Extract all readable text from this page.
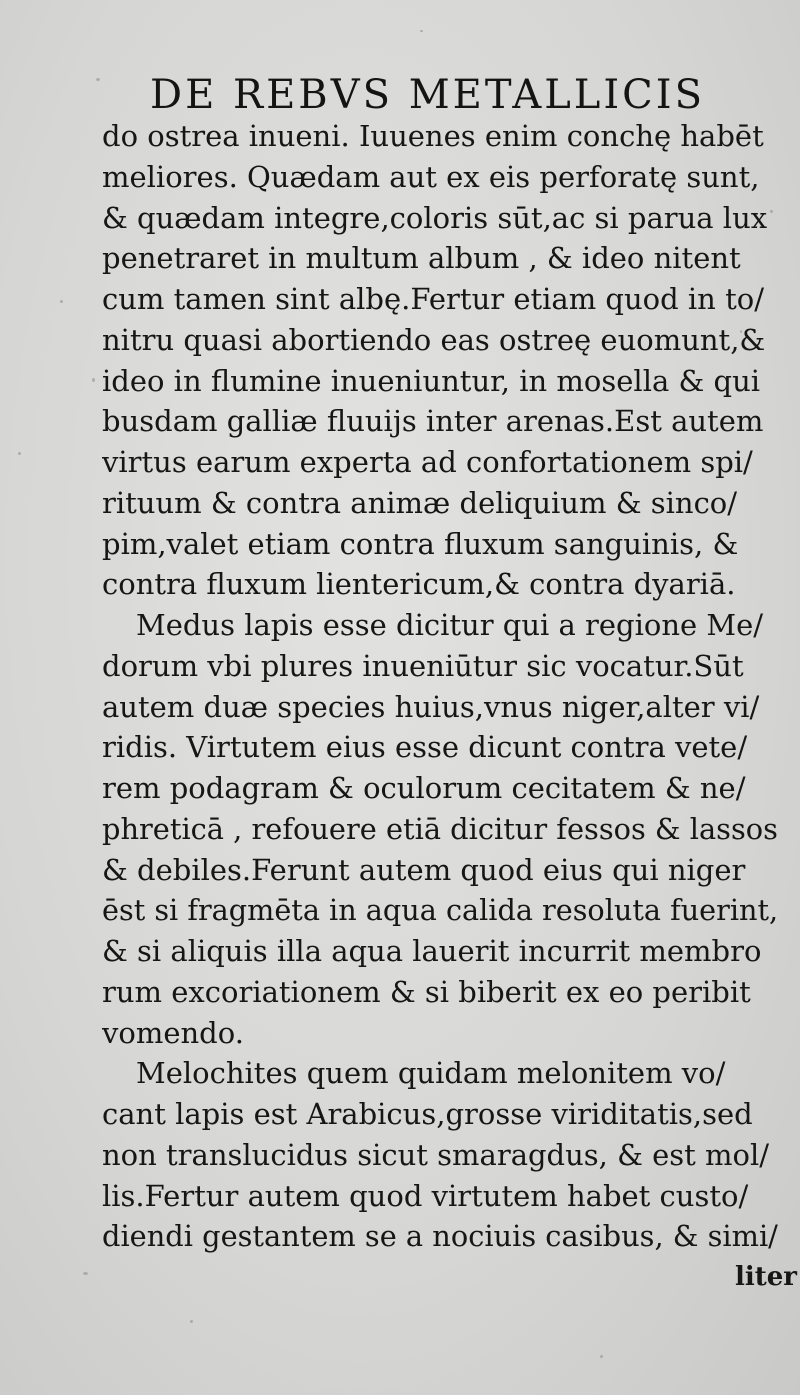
DE REBVS METALLICIS
do ostrea inueni. Iuuenes enim conchę habēt
meliores. Quædam aut ex eis perforatę sunt,
& quædam integre,coloris sūt,ac si parua lux
penetraret in multum album , & ideo nitent
cum tamen sint albę.Fertur etiam quod in to/
nitru quasi abortiendo eas ostreę euomunt,&
ideo in flumine inueniuntur, in mosella & qui
busdam galliæ fluuijs inter arenas.Est autem
virtus earum experta ad confortationem spi/
rituum & contra animæ deliquium & sinco/
pim,valet etiam contra fluxum sanguinis, &
contra fluxum lientericum,& contra dyariā.
Medus lapis esse dicitur qui a regione Me/
dorum vbi plures inueniūtur sic vocatur.Sūt
autem duæ species huius,vnus niger,alter vi/
ridis. Virtutem eius esse dicunt contra vete/
rem podagram & oculorum cecitatem & ne/
phreticā , refouere etiā dicitur fessos & lassos
& debiles.Ferunt autem quod eius qui niger
ēst si fragmēta in aqua calida resoluta fuerint,
& si aliquis illa aqua lauerit incurrit membro
rum excoriationem & si biberit ex eo peribit
vomendo.
Melochites quem quidam melonitem vo/
cant lapis est Arabicus,grosse viriditatis,sed
non translucidus sicut smaragdus, & est mol/
lis.Fertur autem quod virtutem habet custo/
diendi gestantem se a nociuis casibus, & simi/
liter
